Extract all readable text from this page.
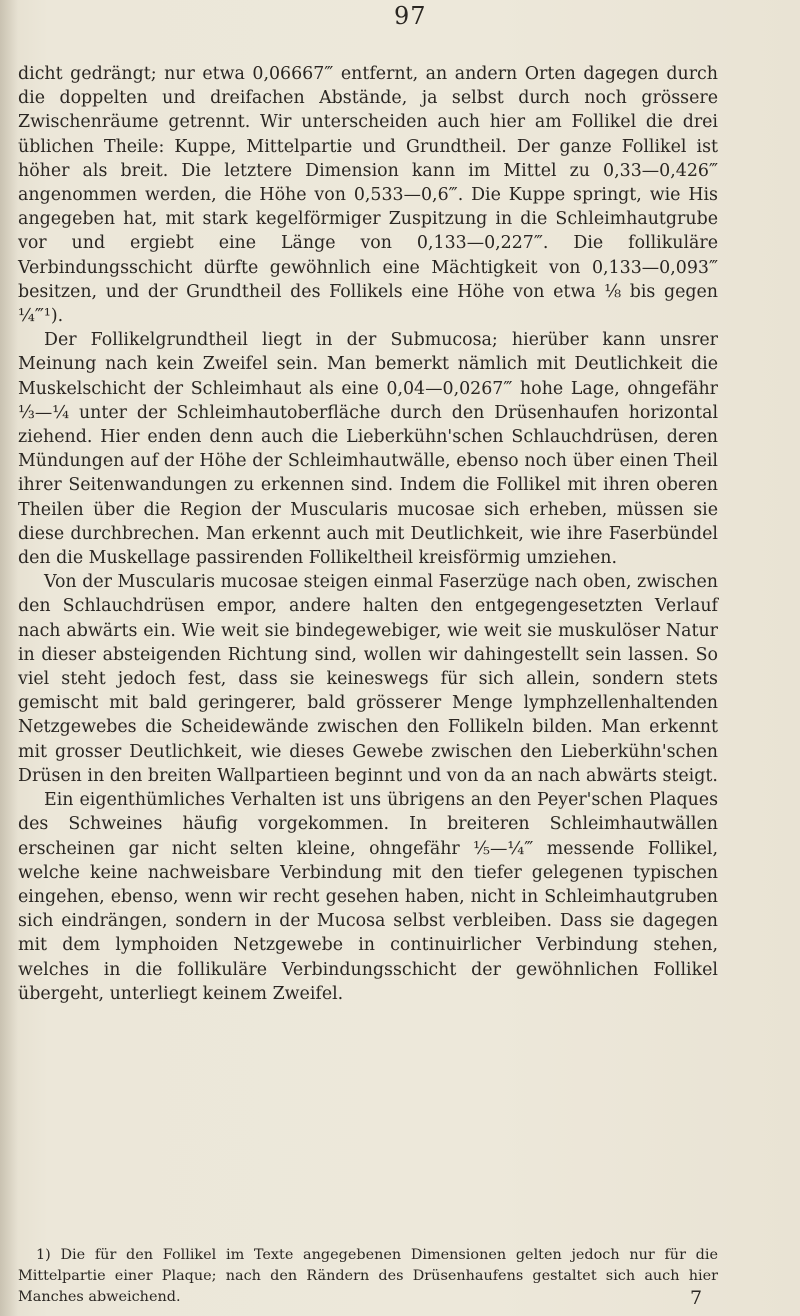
97

dicht gedrängt; nur etwa 0,06667‴ entfernt, an andern Orten dagegen durch die doppelten und dreifachen Abstände, ja selbst durch noch grössere Zwischenräume getrennt. Wir unterscheiden auch hier am Follikel die drei üblichen Theile: Kuppe, Mittelpartie und Grundtheil. Der ganze Follikel ist höher als breit. Die letztere Dimension kann im Mittel zu 0,33—0,426‴ angenommen werden, die Höhe von 0,533—0,6‴. Die Kuppe springt, wie His angegeben hat, mit stark kegelförmiger Zuspitzung in die Schleimhautgrube vor und ergiebt eine Länge von 0,133—0,227‴. Die follikuläre Verbindungsschicht dürfte gewöhnlich eine Mächtigkeit von 0,133—0,093‴ besitzen, und der Grundtheil des Follikels eine Höhe von etwa ⅛ bis gegen ¼‴¹).

Der Follikelgrundtheil liegt in der Submucosa; hierüber kann unsrer Meinung nach kein Zweifel sein. Man bemerkt nämlich mit Deutlichkeit die Muskelschicht der Schleimhaut als eine 0,04—0,0267‴ hohe Lage, ohngefähr ⅓—¼ unter der Schleimhautoberfläche durch den Drüsenhaufen horizontal ziehend. Hier enden denn auch die Lieberkühn'schen Schlauchdrüsen, deren Mündungen auf der Höhe der Schleimhautwälle, ebenso noch über einen Theil ihrer Seitenwandungen zu erkennen sind. Indem die Follikel mit ihren oberen Theilen über die Region der Muscularis mucosae sich erheben, müssen sie diese durchbrechen. Man erkennt auch mit Deutlichkeit, wie ihre Faserbündel den die Muskellage passirenden Follikeltheil kreisförmig umziehen.

Von der Muscularis mucosae steigen einmal Faserzüge nach oben, zwischen den Schlauchdrüsen empor, andere halten den entgegengesetzten Verlauf nach abwärts ein. Wie weit sie bindegewebiger, wie weit sie muskulöser Natur in dieser absteigenden Richtung sind, wollen wir dahingestellt sein lassen. So viel steht jedoch fest, dass sie keineswegs für sich allein, sondern stets gemischt mit bald geringerer, bald grösserer Menge lymphzellenhaltenden Netzgewebes die Scheidewände zwischen den Follikeln bilden. Man erkennt mit grosser Deutlichkeit, wie dieses Gewebe zwischen den Lieberkühn'schen Drüsen in den breiten Wallpartieen beginnt und von da an nach abwärts steigt.

Ein eigenthümliches Verhalten ist uns übrigens an den Peyer'schen Plaques des Schweines häufig vorgekommen. In breiteren Schleimhautwällen erscheinen gar nicht selten kleine, ohngefähr ⅕—¼‴ messende Follikel, welche keine nachweisbare Verbindung mit den tiefer gelegenen typischen eingehen, ebenso, wenn wir recht gesehen haben, nicht in Schleimhautgruben sich eindrängen, sondern in der Mucosa selbst verbleiben. Dass sie dagegen mit dem lymphoiden Netzgewebe in continuirlicher Verbindung stehen, welches in die follikuläre Verbindungsschicht der gewöhnlichen Follikel übergeht, unterliegt keinem Zweifel.

1) Die für den Follikel im Texte angegebenen Dimensionen gelten jedoch nur für die Mittelpartie einer Plaque; nach den Rändern des Drüsenhaufens gestaltet sich auch hier Manches abweichend.	7
